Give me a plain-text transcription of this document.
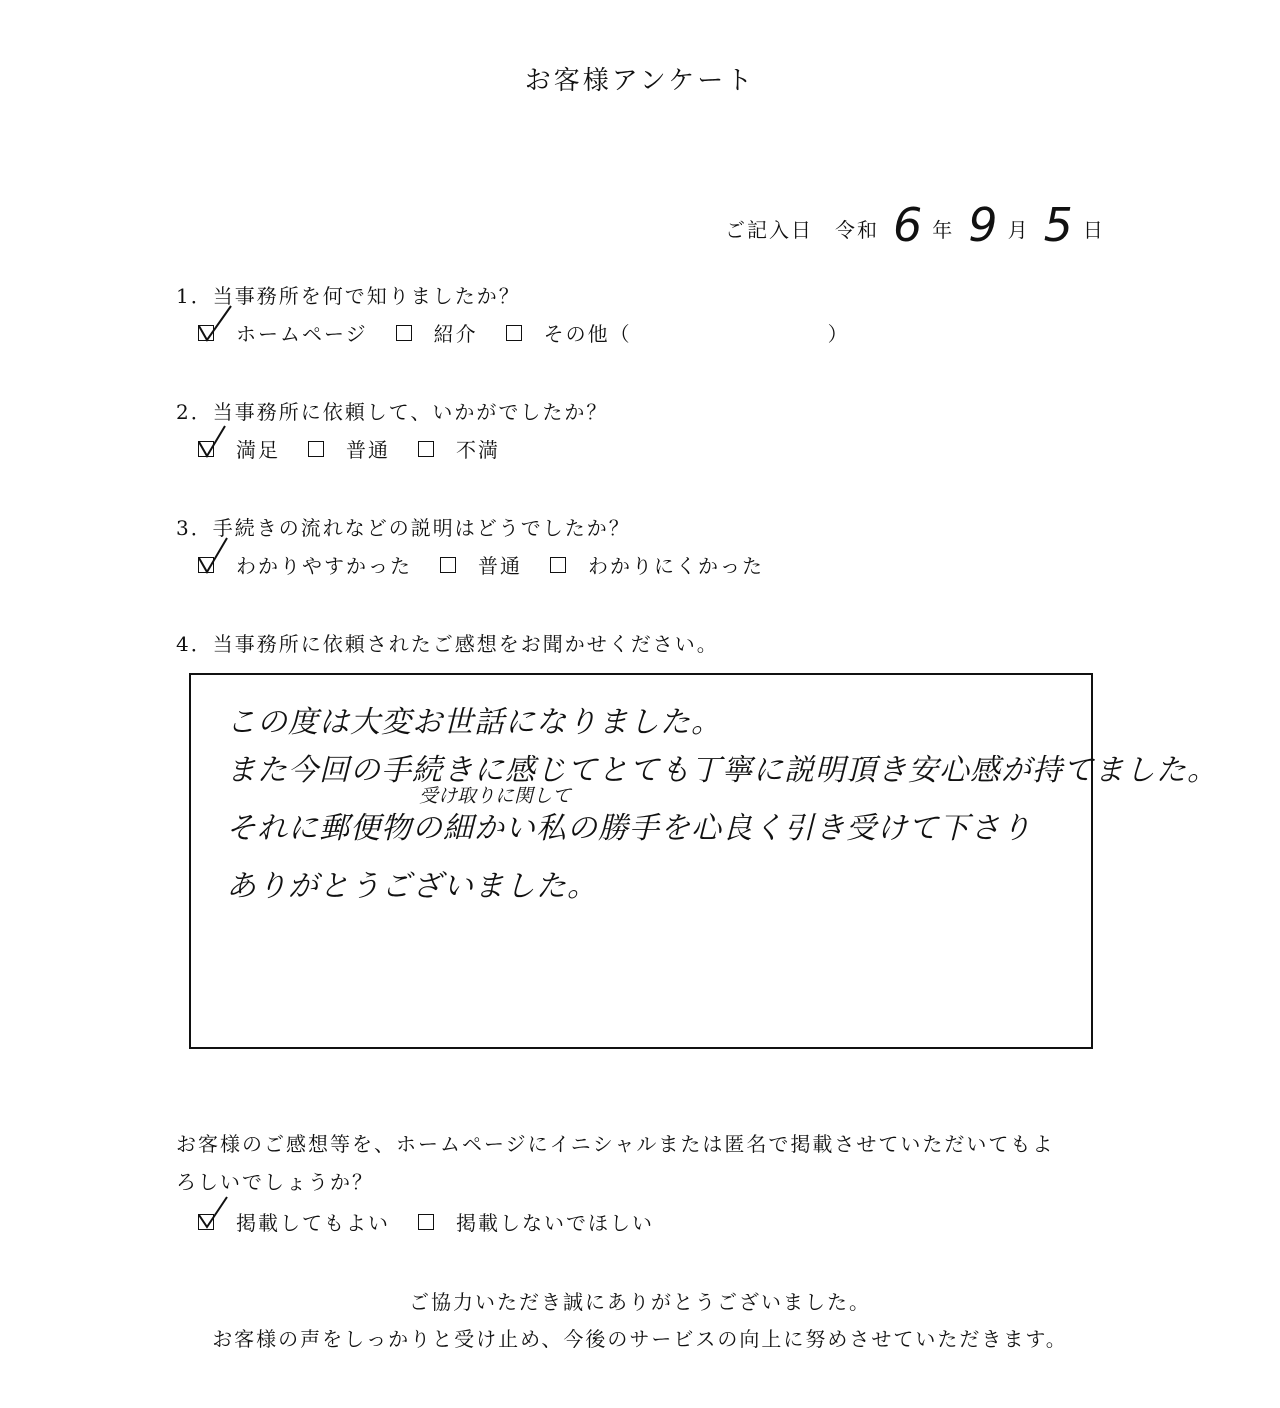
お客様アンケート
ご記入日 令和 6 年 9 月 5 日
1．当事務所を何で知りましたか？
ホームページ	紹介	その他（	）
2．当事務所に依頼して、いかがでしたか？
満足	普通	不満
3．手続きの流れなどの説明はどうでしたか？
わかりやすかった	普通	わかりにくかった
4．当事務所に依頼されたご感想をお聞かせください。
この度は大変お世話になりました。
また今回の手続きに感じてとても丁寧に説明頂き安心感が持てました。
受け取りに関して
それに郵便物の細かい私の勝手を心良く引き受けて下さり
ありがとうございました。
お客様のご感想等を、ホームページにイニシャルまたは匿名で掲載させていただいてもよ
ろしいでしょうか？
掲載してもよい	掲載しないでほしい
ご協力いただき誠にありがとうございました。
お客様の声をしっかりと受け止め、今後のサービスの向上に努めさせていただきます。
